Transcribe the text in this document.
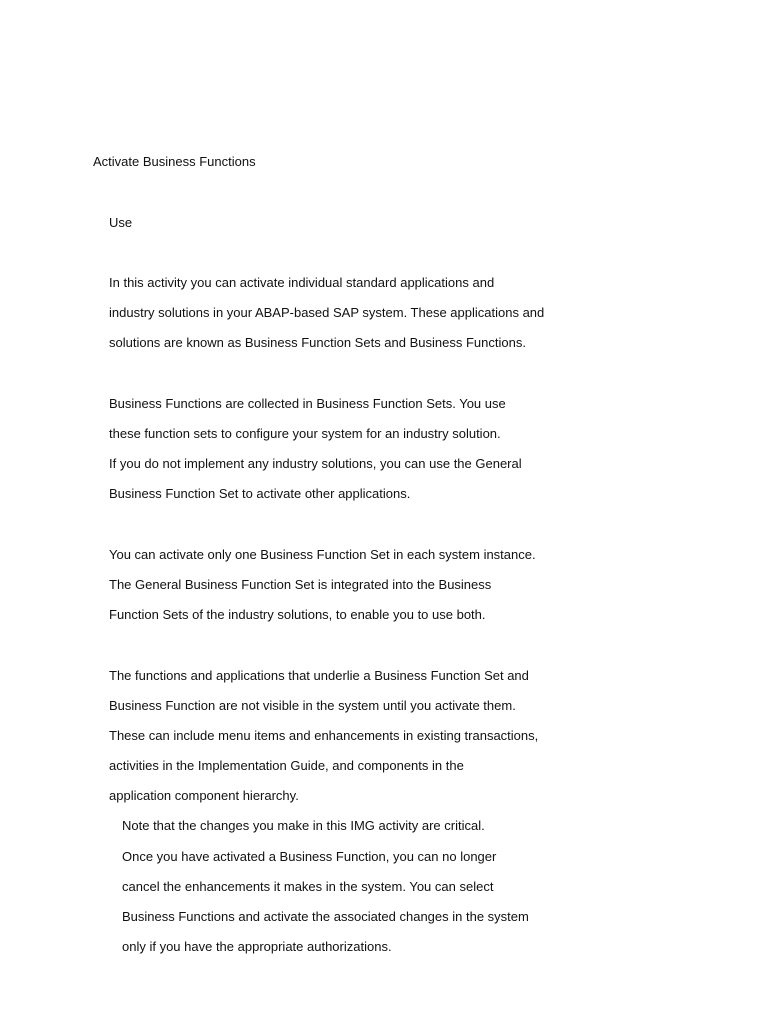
Activate Business Functions
Use
In this activity you can activate individual standard applications and
industry solutions in your ABAP-based SAP system. These applications and
solutions are known as Business Function Sets and Business Functions.
Business Functions are collected in Business Function Sets. You use
these function sets to configure your system for an industry solution.
If you do not implement any industry solutions, you can use the General
Business Function Set to activate other applications.
You can activate only one Business Function Set in each system instance.
The General Business Function Set is integrated into the Business
Function Sets of the industry solutions, to enable you to use both.
The functions and applications that underlie a Business Function Set and
Business Function are not visible in the system until you activate them.
These can include menu items and enhancements in existing transactions,
activities in the Implementation Guide, and components in the
application component hierarchy.
Note that the changes you make in this IMG activity are critical.
Once you have activated a Business Function, you can no longer
cancel the enhancements it makes in the system. You can select
Business Functions and activate the associated changes in the system
only if you have the appropriate authorizations.
